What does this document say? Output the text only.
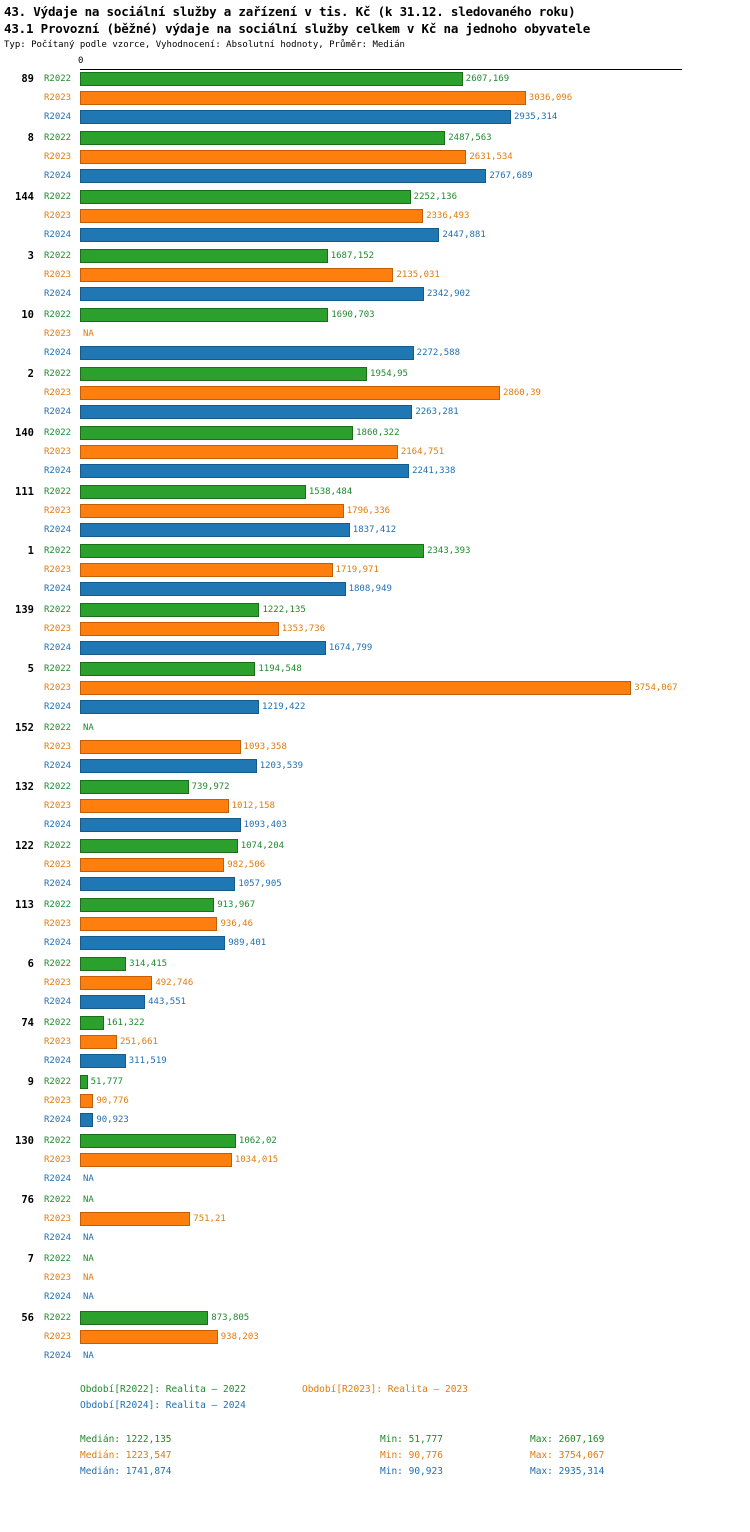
43. Výdaje na sociální služby a zařízení v tis. Kč (k 31.12. sledovaného roku)
43.1 Provozní (běžné) výdaje na sociální služby celkem v Kč na jednoho obyvatele
Typ: Počítaný podle vzorce, Vyhodnocení: Absolutní hodnoty, Průměr: Medián
0
89 R2022	2607,169
R2023	3036,096
R2024	2935,314
8 R2022	2487,563
R2023	2631,534
R2024	2767,689
144 R2022	2252,136
R2023	2336,493
R2024	2447,881
3 R2022	1687,152
R2023	2135,031
R2024	2342,902
10 R2022	1690,703
R2023 NA
R2024	2272,588
2 R2022	1954,95
R2023	2860,39
R2024	2263,281
140 R2022	1860,322
R2023	2164,751
R2024	2241,338
111 R2022	1538,484
R2023	1796,336
R2024	1837,412
1 R2022	2343,393
R2023	1719,971
R2024	1808,949
139 R2022	1222,135
R2023	1353,736
R2024	1674,799
5 R2022	1194,548
R2023	3754,067
R2024	1219,422
152 R2022 NA
R2023	1093,358
R2024	1203,539
132 R2022	739,972
R2023	1012,158
R2024	1093,403
122 R2022	1074,204
R2023	982,506
R2024	1057,905
113 R2022	913,967
R2023	936,46
R2024	989,401
6 R2022	314,415
R2023	492,746
R2024	443,551
74 R2022	161,322
R2023	251,661
R2024	311,519
9 R2022 51,777
R2023	90,776
R2024	90,923
130 R2022	1062,02
R2023	1034,015
R2024 NA
76 R2022 NA
R2023	751,21
R2024 NA
7 R2022 NA
R2023 NA
R2024 NA
56 R2022	873,805
R2023	938,203
R2024 NA
Období[R2022]: Realita – 2022	Období[R2023]: Realita – 2023
Období[R2024]: Realita – 2024
Medián: 1222,135	Min: 51,777	Max: 2607,169
Medián: 1223,547	Min: 90,776	Max: 3754,067
Medián: 1741,874	Min: 90,923	Max: 2935,314
